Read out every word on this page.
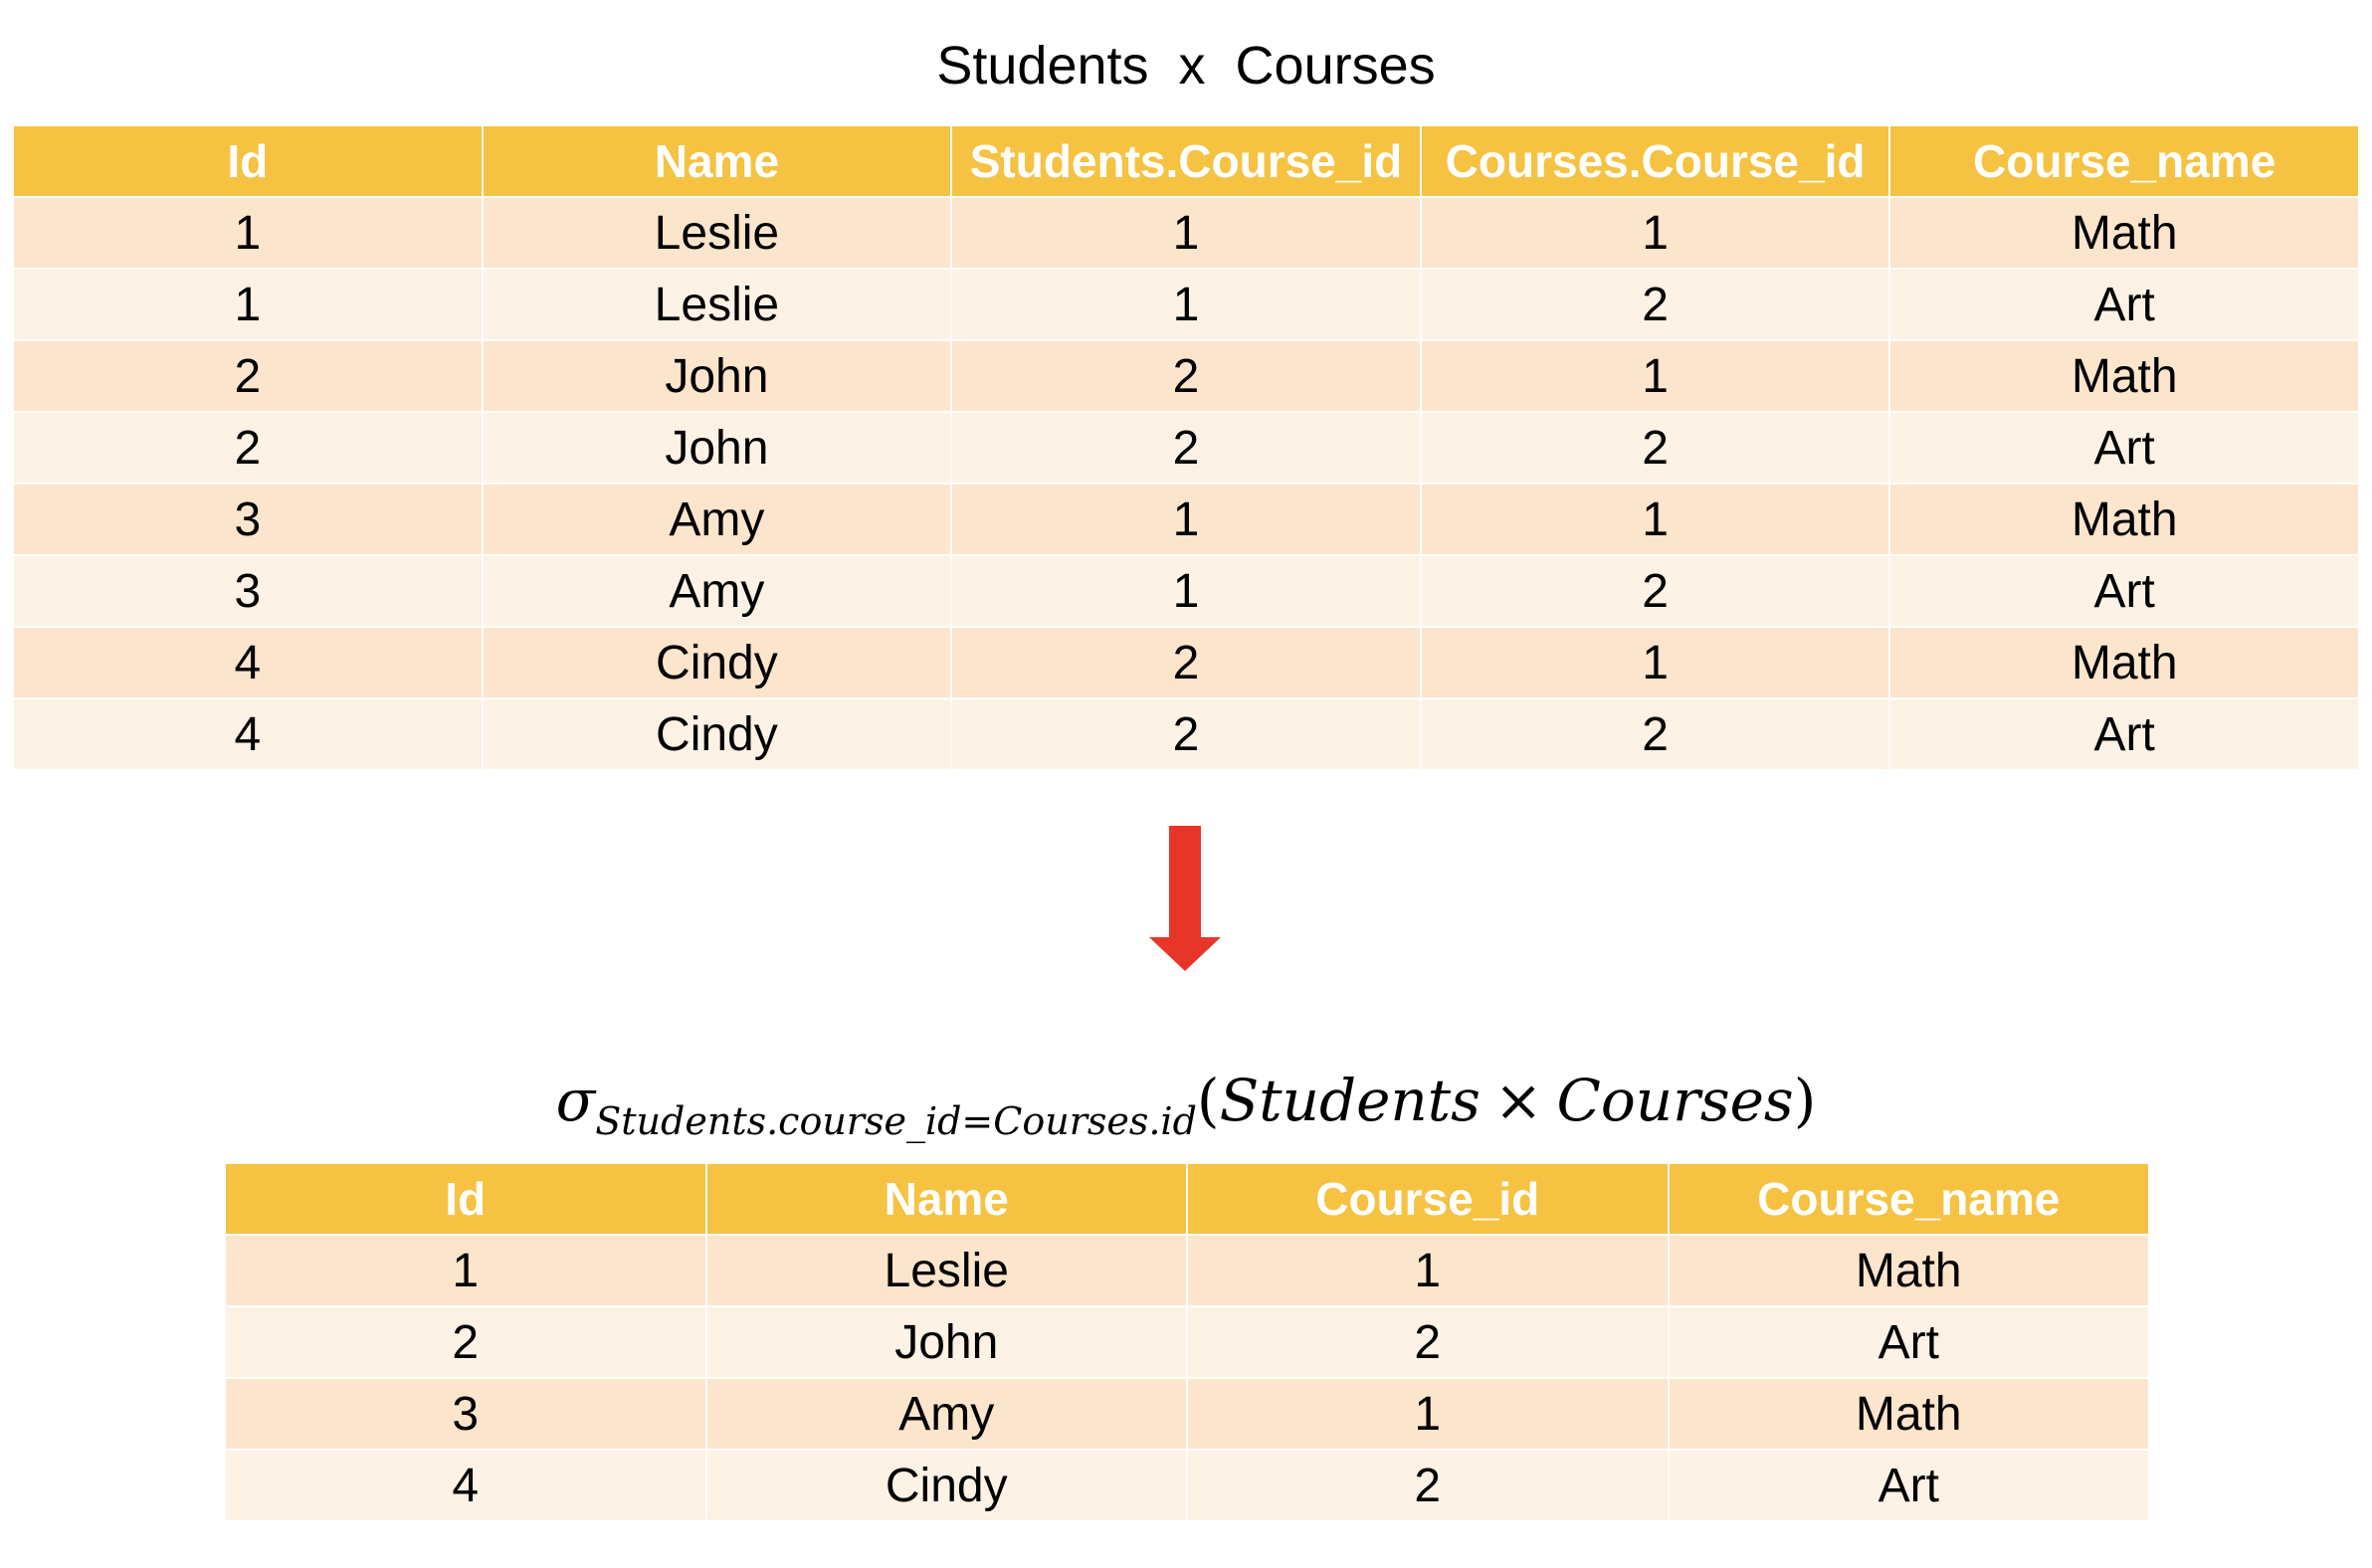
Students  x  Courses
Id	Name	Students.Course_id	Courses.Course_id	Course_name
1	Leslie	1	1	Math
1	Leslie	1	2	Art
2	John	2	1	Math
2	John	2	2	Art
3	Amy	1	1	Math
3	Amy	1	2	Art
4	Cindy	2	1	Math
4	Cindy	2	2	Art
$\sigma_{Students.course\_id=Courses.id}(Students$ × Courses)
Id	Name	Course_id	Course_name
1	Leslie	1	Math
2	John	2	Art
3	Amy	1	Math
4	Cindy	2	Art
